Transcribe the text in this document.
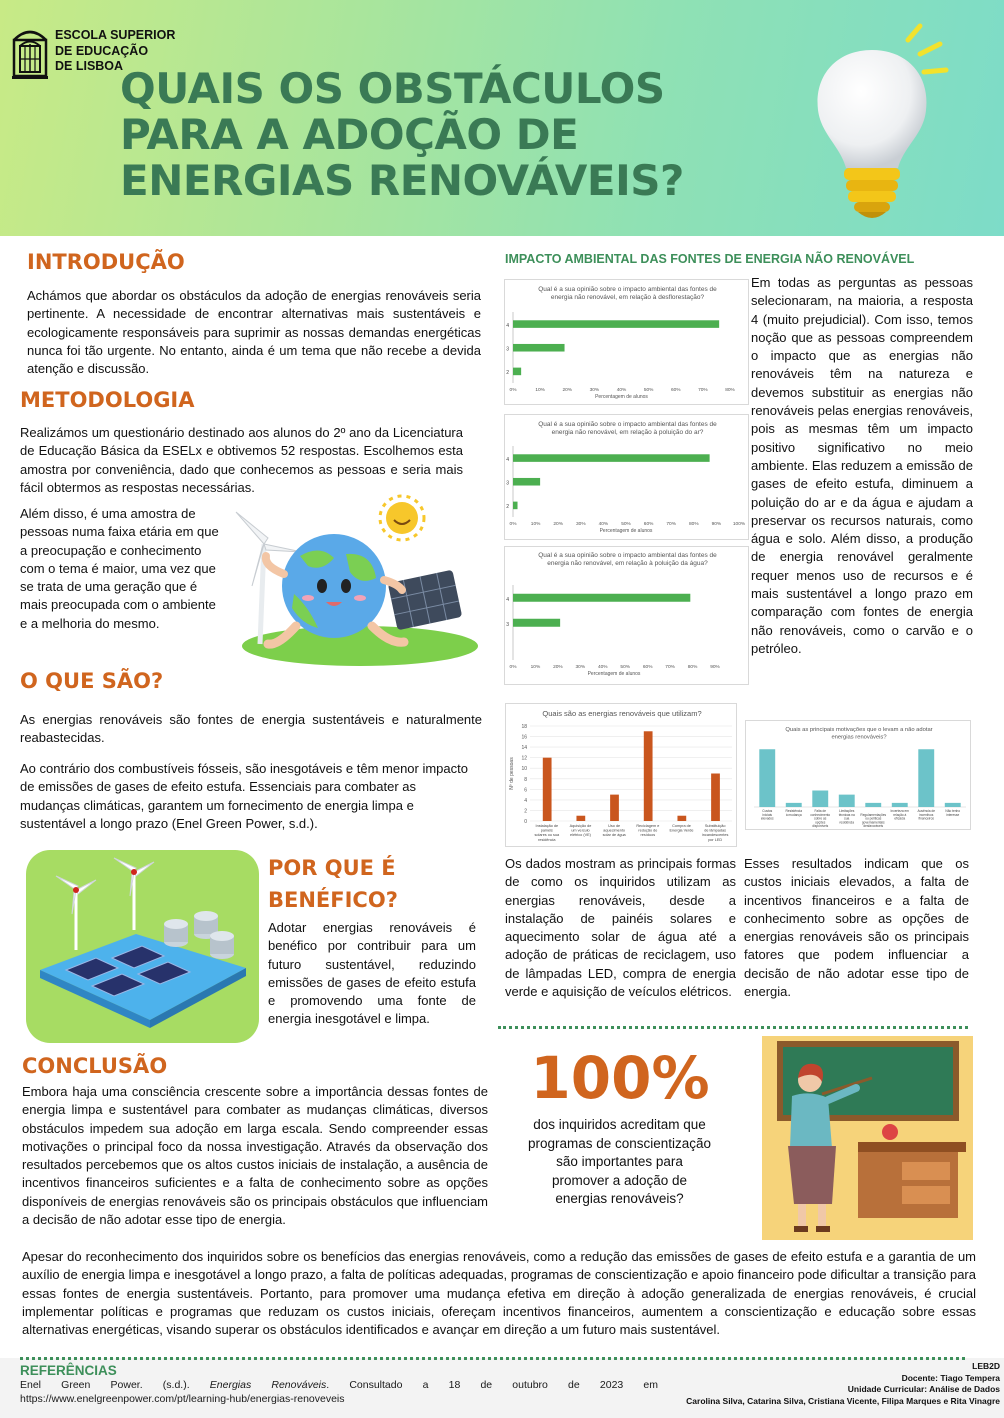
ESCOLA SUPERIOR
DE EDUCAÇÃO
DE LISBOA
QUAIS OS OBSTÁCULOS
PARA A ADOÇÃO DE
ENERGIAS RENOVÁVEIS?
INTRODUÇÃO
Achámos que abordar os obstáculos da adoção de energias renováveis seria pertinente. A necessidade de encontrar alternativas mais sustentáveis e ecologicamente responsáveis para suprimir as nossas demandas energéticas nunca foi tão urgente. No entanto, ainda é um tema que não recebe a devida atenção e discussão.
METODOLOGIA
Realizámos um questionário destinado aos alunos do 2º ano da Licenciatura de Educação Básica da ESELx e obtivemos 52 respostas. Escolhemos esta amostra por conveniência, dado que conhecemos as pessoas e seria mais fácil obtermos as respostas necessárias.
Além disso, é uma amostra de pessoas numa faixa etária em que a preocupação e conhecimento com o tema é maior, uma vez que se trata de uma geração que é mais preocupada com o ambiente e a melhoria do mesmo.
O QUE SÃO?
As energias renováveis são fontes de energia sustentáveis e naturalmente reabastecidas.
Ao contrário dos combustíveis fósseis, são inesgotáveis e têm menor impacto de emissões de gases de efeito estufa. Essenciais para combater as mudanças climáticas, garantem um fornecimento de energia limpa e sustentável a longo prazo (Enel Green Power, s.d.).
POR QUE É
BENÉFICO?
Adotar energias renováveis é benéfico por contribuir para um futuro sustentável, reduzindo emissões de gases de efeito estufa e promovendo uma fonte de energia inesgotável e limpa.
CONCLUSÃO
Embora haja uma consciência crescente sobre a importância dessas fontes de energia limpa e sustentável para combater as mudanças climáticas, diversos obstáculos impedem sua adoção em larga escala. Sendo compreender essas motivações o principal foco da nossa investigação. Através da observação dos resultados percebemos que os altos custos iniciais de instalação, a ausência de incentivos financeiros suficientes e a falta de conhecimento sobre as opções disponíveis de energias renováveis são os principais obstáculos que influenciam a decisão de não adotar esse tipo de energia.
Apesar do reconhecimento dos inquiridos sobre os benefícios das energias renováveis, como a redução das emissões de gases de efeito estufa e a garantia de um auxílio de energia limpa e inesgotável a longo prazo, a falta de políticas adequadas, programas de conscientização e apoio financeiro pode dificultar a transição para essas fontes de energia sustentáveis. Portanto, para promover uma mudança efetiva em direção à adoção generalizada de energias renováveis, é crucial implementar políticas e programas que reduzam os custos iniciais, ofereçam incentivos financeiros, aumentem a conscientização e educação sobre essas alternativas energéticas, visando superar os obstáculos identificados e avançar em direção a um futuro mais sustentável.
IMPACTO AMBIENTAL DAS FONTES DE ENERGIA NÃO RENOVÁVEL
Qual é a sua opinião sobre o impacto ambiental das fontes de
energia não renovável, em relação à desflorestação?
4
3
2
0%	10%	20%	30%	40%	50%	60%	70%	80%
Percentagem de alunos
Qual é a sua opinião sobre o impacto ambiental das fontes de
energia não renovável, em relação à poluição do ar?
4
3
2
0%	10%	20%	30%	40%	50%	60%	70%	80%	90% 100%
Percentagem de alunos
Qual é a sua opinião sobre o impacto ambiental das fontes de
energia não renovável, em relação à poluição da água?
4
3
0%	10%	20%	30%	40%	50%	60%	70%	80%	90%
Percentagem de alunos
Em todas as perguntas as pessoas selecionaram, na maioria, a resposta 4 (muito prejudicial). Com isso, temos noção que as pessoas compreendem o impacto que as energias não renováveis têm na natureza e devemos substituir as energias não renováveis pelas energias renováveis, pois as mesmas têm um impacto positivo significativo no meio ambiente. Elas reduzem a emissão de gases de efeito estufa, diminuem a poluição do ar e da água e ajudam a preservar os recursos naturais, como água e solo. Além disso, a produção de energia renovável geralmente requer menos uso de recursos e é mais sustentável a longo prazo em comparação com fontes de energia não renováveis, como o carvão e o petróleo.
Quais são as energias renováveis que utilizam?
0
2
4
6
8
10
12
14
16
18
Instalação de
painéis
solares ou sua
residência
Aquisição de
um veículo
elétrico (VE)
Uso de
aquecimento
solar de água
Reciclagem e
redução de
resíduos
Compra de
Energia Verde
Substituição
de lâmpadas
incandescentes
por LED
Nº de pessoas
Quais as principais motivações que o levam a não adotar
energias renováveis?
Custos
iniciais
elevados
Resistência
à mudança
Falta de
conhecimento
sobre as
opções
disponíveis
Limitações
técnicas na
sua
residência
Regulamentações
ou políticas
governamentais
desfavoráveis
Incerteza em
relação à
eficácia
Ausência de
incentivos
financeiros
Não tenho
interesse
Os dados mostram as principais formas de como os inquiridos utilizam as energias renováveis, desde a instalação de painéis solares e aquecimento solar de água até a adoção de práticas de reciclagem, uso de lâmpadas LED, compra de energia verde e aquisição de veículos elétricos.
Esses resultados indicam que os custos iniciais elevados, a falta de incentivos financeiros e a falta de conhecimento sobre as opções de energias renováveis são os principais fatores que podem influenciar a decisão de não adotar esse tipo de energia.
100%
dos inquiridos acreditam que programas de conscientização são importantes para promover a adoção de energias renováveis?
REFERÊNCIAS
Enel Green Power. (s.d.). Energias Renováveis. Consultado a 18 de outubro de 2023 em
https://www.enelgreenpower.com/pt/learning-hub/energias-renoveveis
LEB2D
Docente: Tiago Tempera
Unidade Curricular: Análise de Dados
Carolina Silva, Catarina Silva, Cristiana Vicente, Filipa Marques e Rita Vinagre
